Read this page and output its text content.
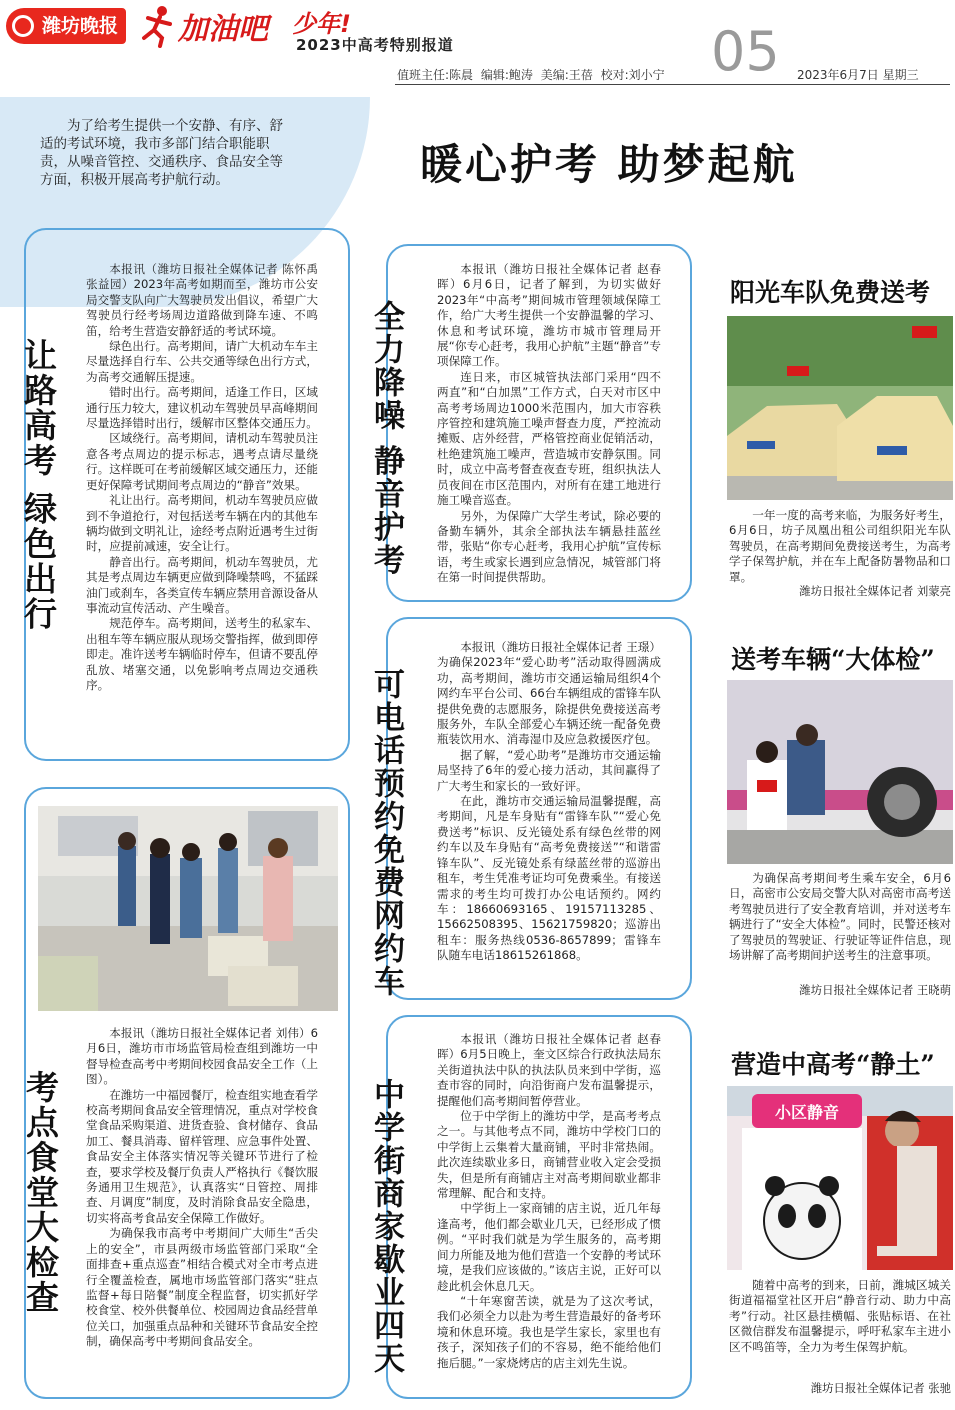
潍坊晚报 加油吧 少年!
2023中高考特别报道	05
值班主任:陈晨 编辑:鲍涛 美编:王蓓 校对:刘小宁	2023年6月7日 星期三
为了给考生提供一个安静、有序、舒适的考试环境，我市多部门结合职能职责，从噪音管控、交通秩序、食品安全等方面，积极开展高考护航行动。	暖心护考 助梦起航
让路高考 绿色出行

本报讯（潍坊日报社全媒体记者 陈怀禹 张益园）2023年高考如期而至，潍坊市公安局交警支队向广大驾驶员发出倡议，希望广大驾驶员行经考场周边道路做到降车速、不鸣笛，给考生营造安静舒适的考试环境。

绿色出行。高考期间，请广大机动车车主尽量选择自行车、公共交通等绿色出行方式，为高考交通解压提速。

错时出行。高考期间，适逢工作日，区域通行压力较大，建议机动车驾驶员早高峰期间尽量选择错时出行，缓解市区整体交通压力。

区域绕行。高考期间，请机动车驾驶员注意各考点周边的提示标志，遇考点请尽量绕行。这样既可在考前缓解区域交通压力，还能更好保障考试期间考点周边的“静音”效果。

礼让出行。高考期间，机动车驾驶员应做到不争道抢行，对包括送考车辆在内的其他车辆均做到文明礼让，途经考点附近遇考生过街时，应提前减速，安全让行。

静音出行。高考期间，机动车驾驶员，尤其是考点周边车辆更应做到降噪禁鸣，不猛踩油门或刹车，各类宣传车辆应禁用音源设备从事流动宣传活动、产生噪音。

规范停车。高考期间，送考生的私家车、出租车等车辆应服从现场交警指挥，做到即停即走。准许送考车辆临时停车，但请不要乱停乱放、堵塞交通，以免影响考点周边交通秩序。

考点食堂大检查

本报讯（潍坊日报社全媒体记者 刘伟）6月6日，潍坊市市场监管局检查组到潍坊一中督导检查高考中考期间校园食品安全工作（上图）。

在潍坊一中福园餐厅，检查组实地查看学校高考期间食品安全管理情况，重点对学校食堂食品采购渠道、进货查验、食材储存、食品加工、餐具消毒、留样管理、应急事件处置、食品安全主体落实情况等关键环节进行了检查，要求学校及餐厅负责人严格执行《餐饮服务通用卫生规范》，认真落实“日管控、周排查、月调度”制度，及时消除食品安全隐患，切实将高考食品安全保障工作做好。

为确保我市高考中考期间广大师生“舌尖上的安全”，市县两级市场监管部门采取“全面排查+重点巡查”相结合模式对全市考点进行全覆盖检查，属地市场监管部门落实“驻点监督+每日陪餐”制度全程监督，切实抓好学校食堂、校外供餐单位、校园周边食品经营单位关口，加强重点品种和关键环节食品安全控制，确保高考中考期间食品安全。

全力降噪 静音护考

本报讯（潍坊日报社全媒体记者 赵春晖）6月6日，记者了解到，为切实做好2023年“中高考”期间城市管理领域保障工作，给广大考生提供一个安静温馨的学习、休息和考试环境，潍坊市城市管理局开展“你专心赶考，我用心护航”主题“静音”专项保障工作。

连日来，市区城管执法部门采用“四不两直”和“白加黑”工作方式，白天对市区中高考考场周边1000米范围内，加大市容秩序管控和建筑施工噪声督查力度，严控流动摊贩、店外经营，严格管控商业促销活动，杜绝建筑施工噪声，营造城市安静氛围。同时，成立中高考督查夜查专班，组织执法人员夜间在市区范围内，对所有在建工地进行施工噪音巡查。

另外，为保障广大学生考试，除必要的备勤车辆外，其余全部执法车辆悬挂蓝丝带，张贴“你专心赶考，我用心护航”宣传标语，考生或家长遇到应急情况，城管部门将在第一时间提供帮助。

可电话预约免费网约车

本报讯（潍坊日报社全媒体记者 王璟）为确保2023年“爱心助考”活动取得圆满成功，高考期间，潍坊市交通运输局组织4个网约车平台公司、66台车辆组成的雷锋车队提供免费的志愿服务，除提供免费接送高考服务外，车队全部爱心车辆还统一配备免费瓶装饮用水、消毒湿巾及应急救援医疗包。

据了解，“爱心助考”是潍坊市交通运输局坚持了6年的爱心接力活动，其间赢得了广大考生和家长的一致好评。

在此，潍坊市交通运输局温馨提醒，高考期间，凡是车身贴有“雷锋车队”“爱心免费送考”标识、反光镜处系有绿色丝带的网约车以及车身贴有“高考免费接送”“和谐雷锋车队”、反光镜处系有绿蓝丝带的巡游出租车，考生凭准考证均可免费乘坐。有接送需求的考生均可拨打办公电话预约。网约车：18660693165、19157113285、15662508395、15621759820；巡游出租车：服务热线0536-8657899；雷锋车队随车电话18615261868。

中学街商家歇业四天

本报讯（潍坊日报社全媒体记者 赵春晖）6月5日晚上，奎文区综合行政执法局东关街道执法中队的执法队员来到中学街，巡查市容的同时，向沿街商户发布温馨提示，提醒他们高考期间暂停营业。

位于中学街上的潍坊中学，是高考考点之一。与其他考点不同，潍坊中学校门口的中学街上云集着大量商铺，平时非常热闹。此次连续歇业多日，商铺营业收入定会受损失，但是所有商铺店主对高考期间歇业都非常理解、配合和支持。

中学街上一家商铺的店主说，近几年每逢高考，他们都会歇业几天，已经形成了惯例。“平时我们就是为学生服务的，高考期间力所能及地为他们营造一个安静的考试环境，是我们应该做的。”该店主说，正好可以趁此机会休息几天。

“十年寒窗苦读，就是为了这次考试，我们必须全力以赴为考生营造最好的备考环境和休息环境。我也是学生家长，家里也有孩子，深知孩子们的不容易，绝不能给他们拖后腿。”一家烧烤店的店主刘先生说。

阳光车队免费送考
一年一度的高考来临，为服务好考生，6月6日，坊子凤凰出租公司组织阳光车队驾驶员，在高考期间免费接送考生，为高考学子保驾护航，并在车上配备防暑物品和口罩。
潍坊日报社全媒体记者 刘蒙亮
送考车辆“大体检”
为确保高考期间考生乘车安全，6月6日，高密市公安局交警大队对高密市高考送考驾驶员进行了安全教育培训，并对送考车辆进行了“安全大体检”。同时，民警还核对了驾驶员的驾驶证、行驶证等证件信息，现场讲解了高考期间护送考生的注意事项。
潍坊日报社全媒体记者 王晓萌
营造中高考“静土”
小区静音
随着中高考的到来，日前，潍城区城关街道福福堂社区开启“静音行动、助力中高考”行动。社区悬挂横幅、张贴标语、在社区微信群发布温馨提示，呼吁私家车主进小区不鸣笛等，全力为考生保驾护航。
潍坊日报社全媒体记者 张驰
